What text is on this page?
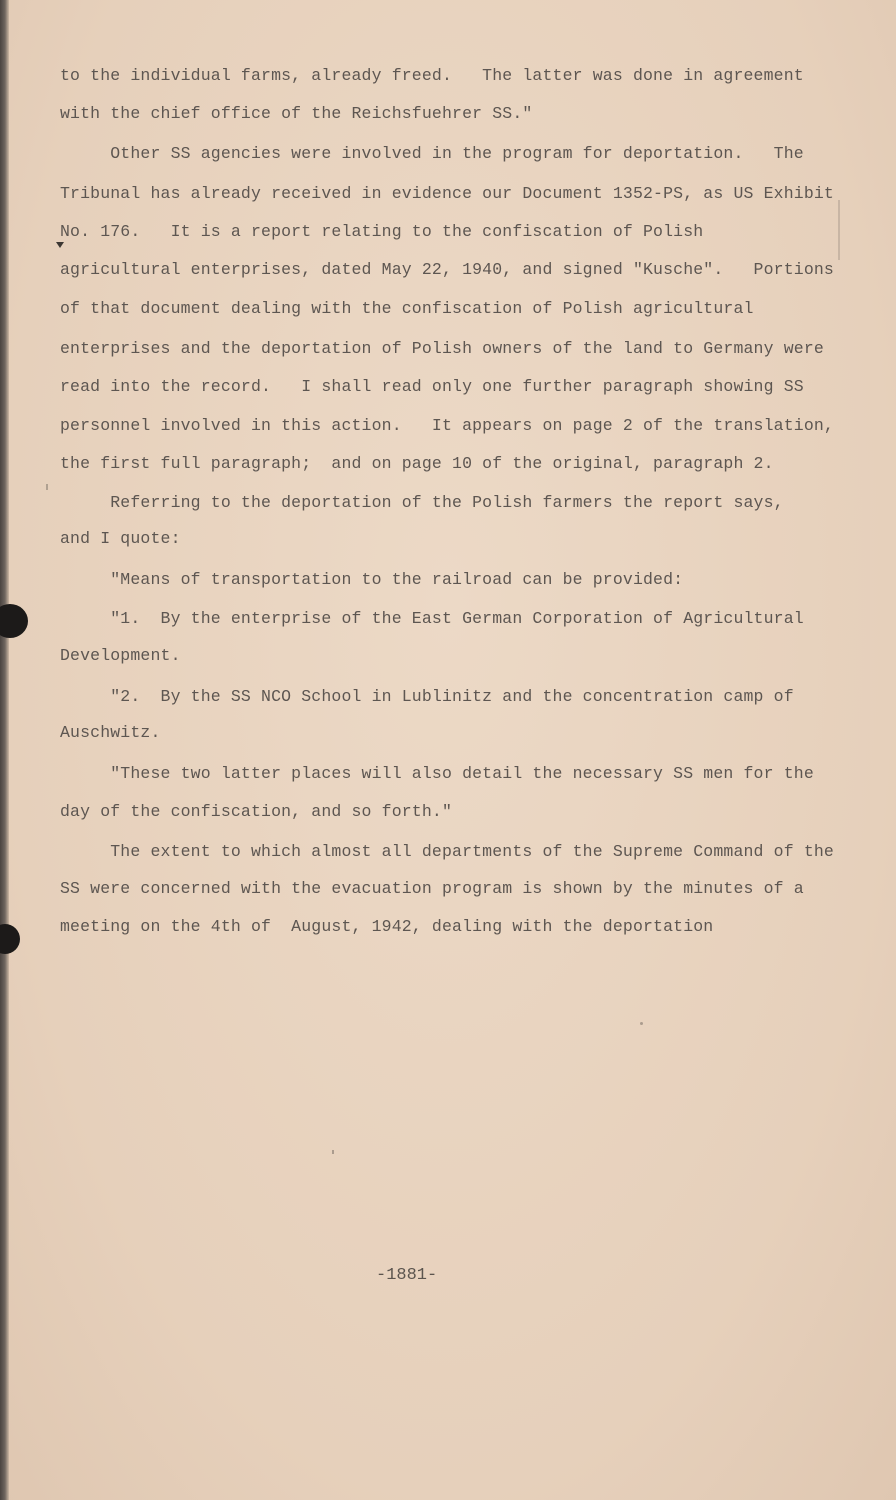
to the individual farms, already freed.   The latter was done in agreement
with the chief office of the Reichsfuehrer SS."
Other SS agencies were involved in the program for deportation.   The
Tribunal has already received in evidence our Document 1352-PS, as US Exhibit
No. 176.   It is a report relating to the confiscation of Polish
agricultural enterprises, dated May 22, 1940, and signed "Kusche".   Portions
of that document dealing with the confiscation of Polish agricultural
enterprises and the deportation of Polish owners of the land to Germany were
read into the record.   I shall read only one further paragraph showing SS
personnel involved in this action.   It appears on page 2 of the translation,
the first full paragraph;  and on page 10 of the original, paragraph 2.
Referring to the deportation of the Polish farmers the report says,
and I quote:
"Means of transportation to the railroad can be provided:
"1.  By the enterprise of the East German Corporation of Agricultural
Development.
"2.  By the SS NCO School in Lublinitz and the concentration camp of
Auschwitz.
"These two latter places will also detail the necessary SS men for the
day of the confiscation, and so forth."
The extent to which almost all departments of the Supreme Command of the
SS were concerned with the evacuation program is shown by the minutes of a
meeting on the 4th of  August, 1942, dealing with the deportation
-1881-
